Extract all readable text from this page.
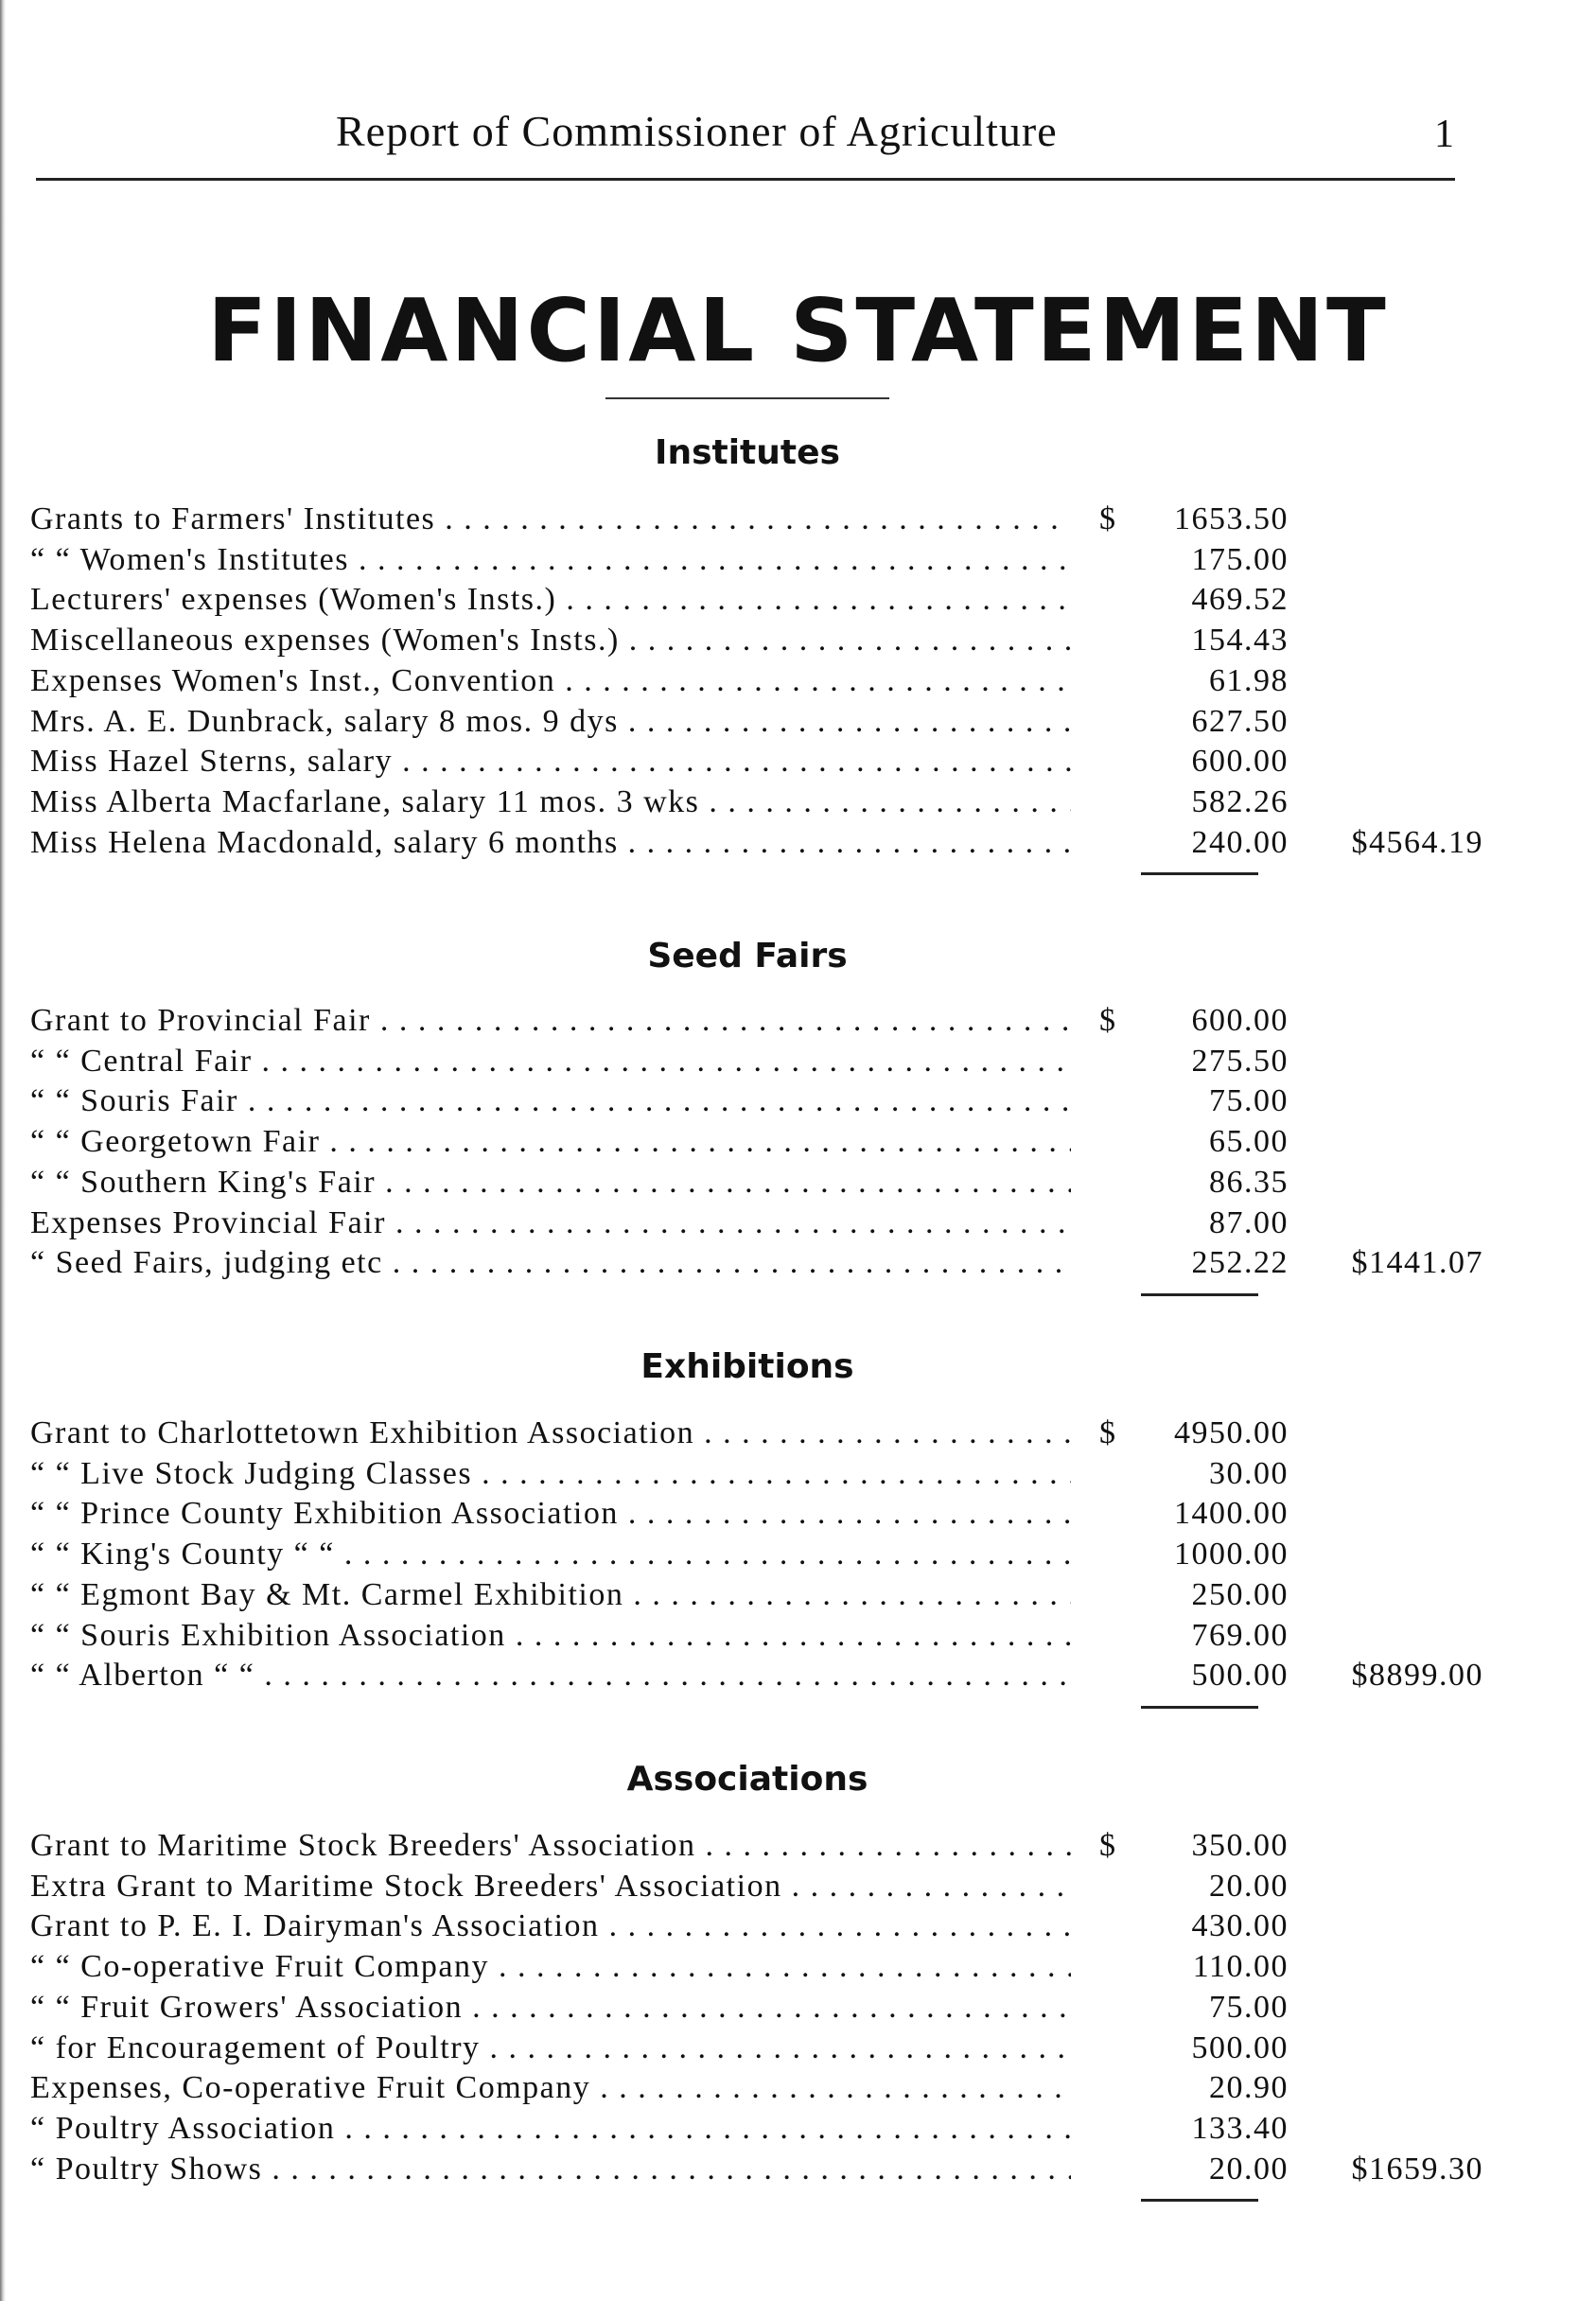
Report of Commissioner of Agriculture	1
FINANCIAL STATEMENT
Institutes
Grants to Farmers' Institutes . . .	$	1653.50
“ “ Women's Institutes . . .	175.00
Lecturers' expenses (Women's Insts.) . . .	469.52
Miscellaneous expenses (Women's Insts.) . . .	154.43
Expenses Women's Inst., Convention . . .	61.98
Mrs. A. E. Dunbrack, salary 8 mos. 9 dys . . .	627.50
Miss Hazel Sterns, salary . . .	600.00
Miss Alberta Macfarlane, salary 11 mos. 3 wks . . .	582.26
Miss Helena Macdonald, salary 6 months . . .	240.00	$4564.19
Seed Fairs
Grant to Provincial Fair . . .	$	600.00
“ “ Central Fair . . .	275.50
“ “ Souris Fair . . .	75.00
“ “ Georgetown Fair . . .	65.00
“ “ Southern King's Fair . . .	86.35
Expenses Provincial Fair . . .	87.00
“ Seed Fairs, judging etc . . .	252.22	$1441.07
Exhibitions
Grant to Charlottetown Exhibition Association . . .	$	4950.00
“ “ Live Stock Judging Classes . . .	30.00
“ “ Prince County Exhibition Association . . .	1400.00
“ “ King's County “ “ . . .	1000.00
“ “ Egmont Bay & Mt. Carmel Exhibition . . .	250.00
“ “ Souris Exhibition Association . . .	769.00
“ “ Alberton “ “ . . .	500.00	$8899.00
Associations
Grant to Maritime Stock Breeders' Association . . .	$	350.00
Extra Grant to Maritime Stock Breeders' Association . . .	20.00
Grant to P. E. I. Dairyman's Association . . .	430.00
“ “ Co-operative Fruit Company . . .	110.00
“ “ Fruit Growers' Association . . .	75.00
“ for Encouragement of Poultry . . .	500.00
Expenses, Co-operative Fruit Company . . .	20.90
“ Poultry Association . . .	133.40
“ Poultry Shows . . .	20.00	$1659.30
